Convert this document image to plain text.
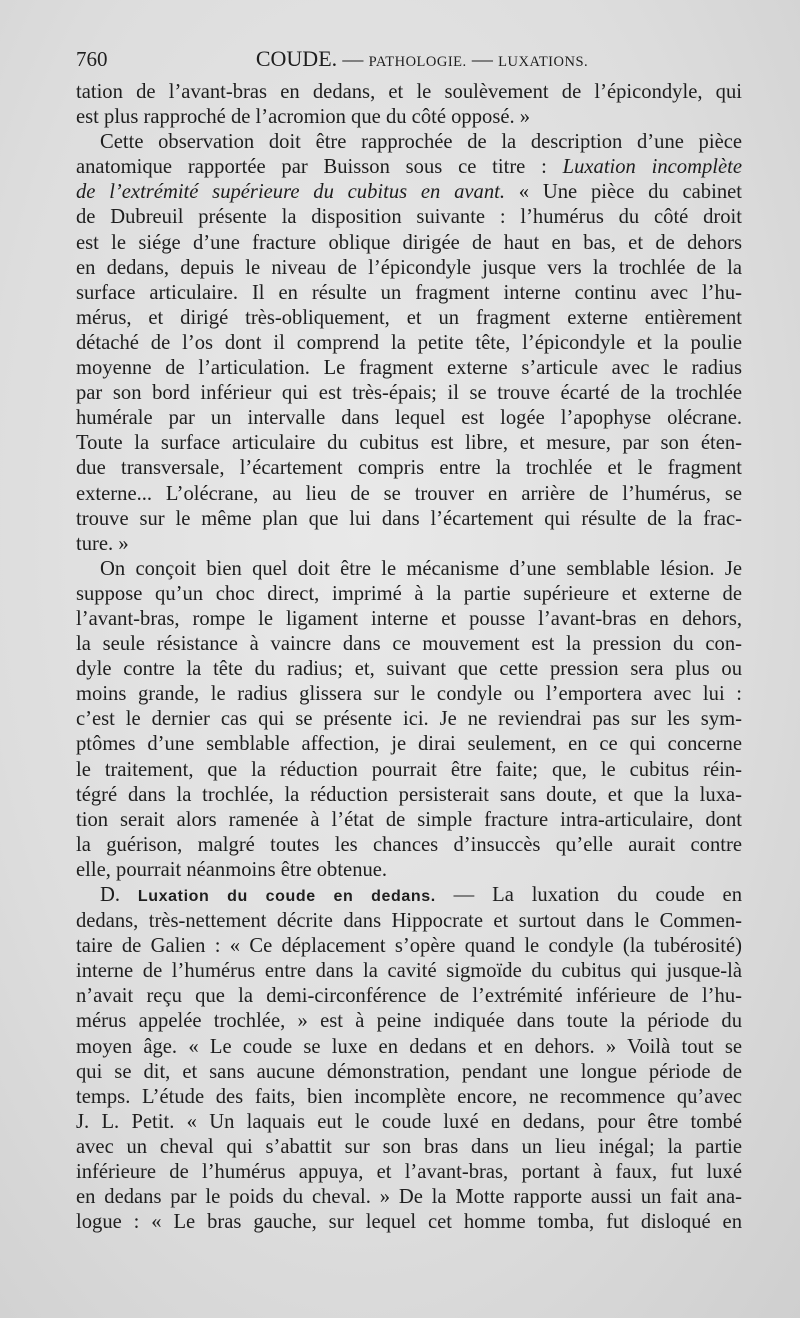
760	COUDE. — PATHOLOGIE. — LUXATIONS.
tation de l’avant-bras en dedans, et le soulèvement de l’épicondyle, qui
est plus rapproché de l’acromion que du côté opposé. »
Cette observation doit être rapprochée de la description d’une pièce
anatomique rapportée par Buisson sous ce titre : Luxation incomplète
de l’extrémité supérieure du cubitus en avant. « Une pièce du cabinet
de Dubreuil présente la disposition suivante : l’humérus du côté droit
est le siége d’une fracture oblique dirigée de haut en bas, et de dehors
en dedans, depuis le niveau de l’épicondyle jusque vers la trochlée de la
surface articulaire. Il en résulte un fragment interne continu avec l’hu-
mérus, et dirigé très-obliquement, et un fragment externe entièrement
détaché de l’os dont il comprend la petite tête, l’épicondyle et la poulie
moyenne de l’articulation. Le fragment externe s’articule avec le radius
par son bord inférieur qui est très-épais; il se trouve écarté de la trochlée
humérale par un intervalle dans lequel est logée l’apophyse olécrane.
Toute la surface articulaire du cubitus est libre, et mesure, par son éten-
due transversale, l’écartement compris entre la trochlée et le fragment
externe... L’olécrane, au lieu de se trouver en arrière de l’humérus, se
trouve sur le même plan que lui dans l’écartement qui résulte de la frac-
ture. »
On conçoit bien quel doit être le mécanisme d’une semblable lésion. Je
suppose qu’un choc direct, imprimé à la partie supérieure et externe de
l’avant-bras, rompe le ligament interne et pousse l’avant-bras en dehors,
la seule résistance à vaincre dans ce mouvement est la pression du con-
dyle contre la tête du radius; et, suivant que cette pression sera plus ou
moins grande, le radius glissera sur le condyle ou l’emportera avec lui :
c’est le dernier cas qui se présente ici. Je ne reviendrai pas sur les sym-
ptômes d’une semblable affection, je dirai seulement, en ce qui concerne
le traitement, que la réduction pourrait être faite; que, le cubitus réin-
tégré dans la trochlée, la réduction persisterait sans doute, et que la luxa-
tion serait alors ramenée à l’état de simple fracture intra-articulaire, dont
la guérison, malgré toutes les chances d’insuccès qu’elle aurait contre
elle, pourrait néanmoins être obtenue.
D. Luxation du coude en dedans. — La luxation du coude en
dedans, très-nettement décrite dans Hippocrate et surtout dans le Commen-
taire de Galien : « Ce déplacement s’opère quand le condyle (la tubérosité)
interne de l’humérus entre dans la cavité sigmoïde du cubitus qui jusque-là
n’avait reçu que la demi-circonférence de l’extrémité inférieure de l’hu-
mérus appelée trochlée, » est à peine indiquée dans toute la période du
moyen âge. « Le coude se luxe en dedans et en dehors. » Voilà tout se
qui se dit, et sans aucune démonstration, pendant une longue période de
temps. L’étude des faits, bien incomplète encore, ne recommence qu’avec
J. L. Petit. « Un laquais eut le coude luxé en dedans, pour être tombé
avec un cheval qui s’abattit sur son bras dans un lieu inégal; la partie
inférieure de l’humérus appuya, et l’avant-bras, portant à faux, fut luxé
en dedans par le poids du cheval. » De la Motte rapporte aussi un fait ana-
logue : « Le bras gauche, sur lequel cet homme tomba, fut disloqué en
